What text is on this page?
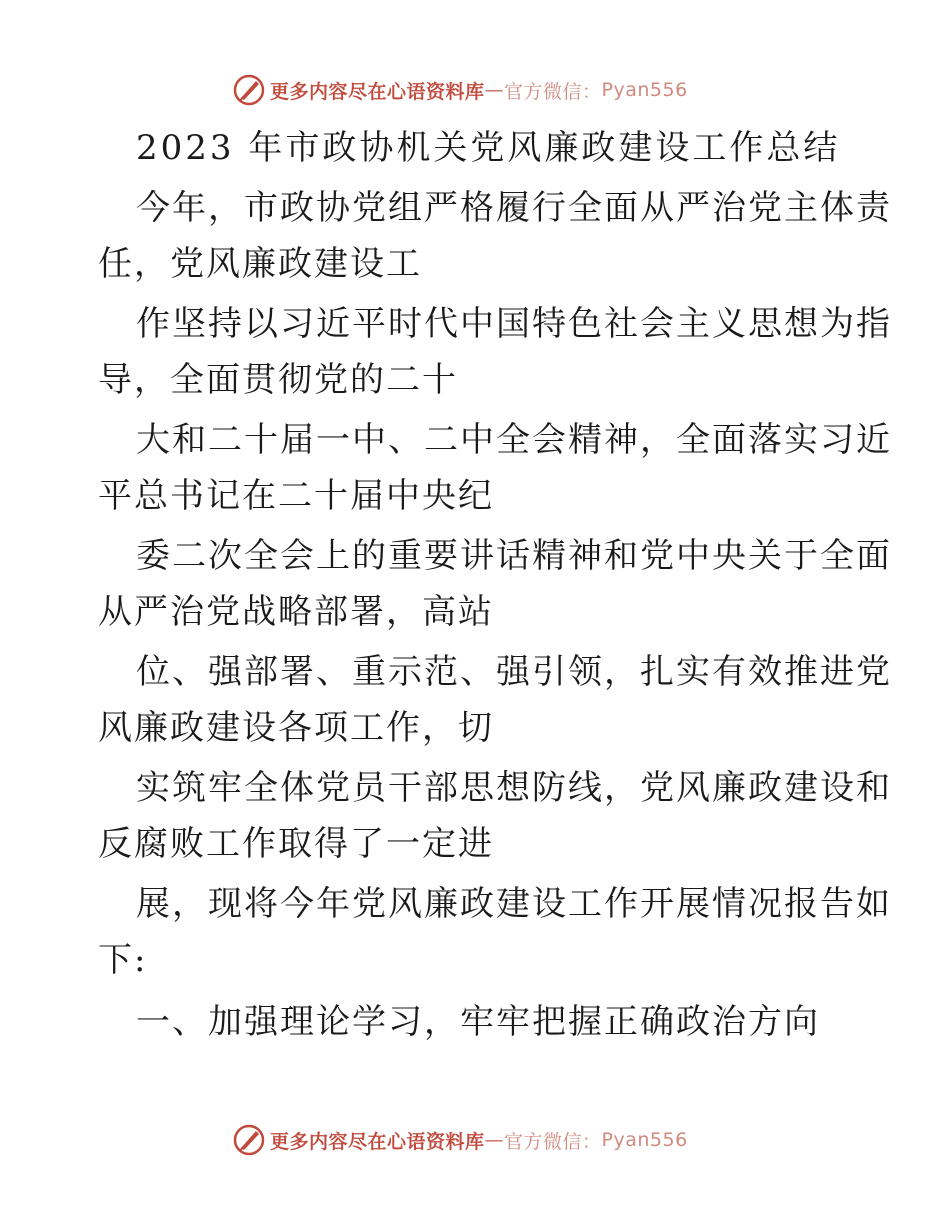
更多内容尽在心语资料库 — 官方微信： Pyan556
2023 年市政协机关党风廉政建设工作总结
今年，市政协党组严格履行全面从严治党主体责
任，党风廉政建设工
作坚持以习近平时代中国特色社会主义思想为指
导，全面贯彻党的二十
大和二十届一中、二中全会精神，全面落实习近
平总书记在二十届中央纪
委二次全会上的重要讲话精神和党中央关于全面
从严治党战略部署，高站
位、强部署、重示范、强引领，扎实有效推进党
风廉政建设各项工作，切
实筑牢全体党员干部思想防线，党风廉政建设和
反腐败工作取得了一定进
展，现将今年党风廉政建设工作开展情况报告如
下:
一、加强理论学习，牢牢把握正确政治方向
更多内容尽在心语资料库 — 官方微信： Pyan556
